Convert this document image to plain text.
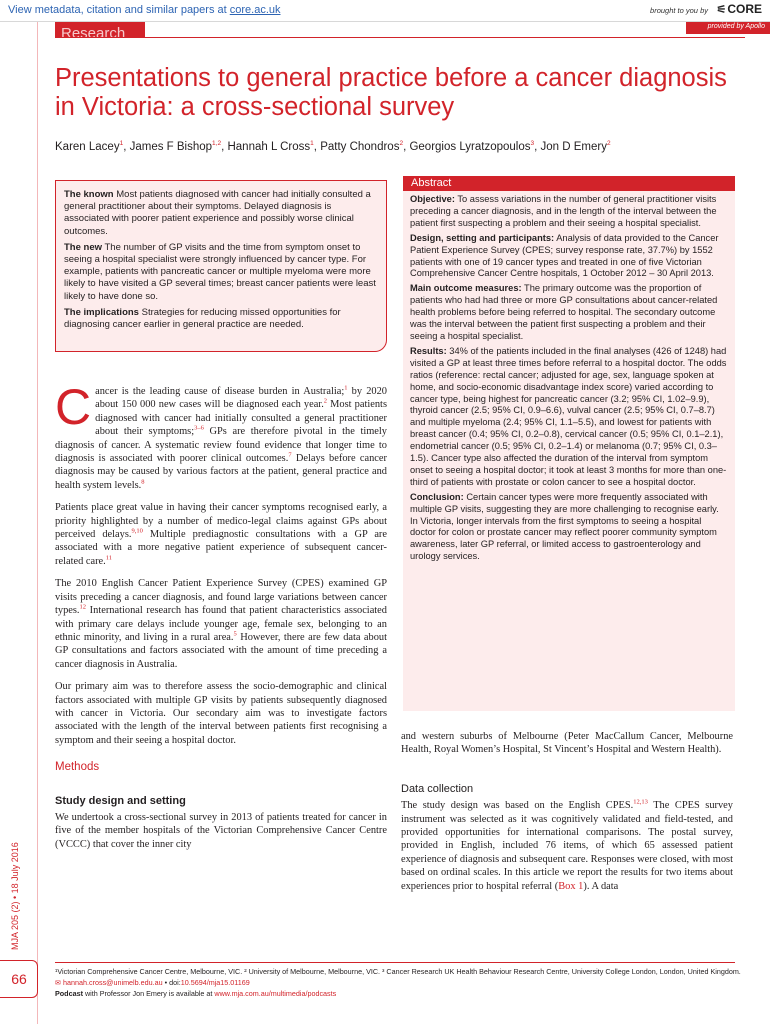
View metadata, citation and similar papers at core.ac.uk	brought to you by ⚟CORE
provided by Apollo
Research
Presentations to general practice before a cancer diagnosis in Victoria: a cross-sectional survey
Karen Lacey$^1$, James F Bishop$^{1,2}$, Hannah L Cross$^1$, Patty Chondros$^2$, Georgios Lyratzopoulos$^3$, Jon D Emery$^2$

The known Most patients diagnosed with cancer had initially consulted a general practitioner about their symptoms. Delayed diagnosis is associated with poorer patient experience and possibly worse clinical outcomes.

The new The number of GP visits and the time from symptom onset to seeing a hospital specialist were strongly influenced by cancer type. For example, patients with pancreatic cancer or multiple myeloma were more likely to have visited a GP several times; breast cancer patients were least likely to have done so.

The implications Strategies for reducing missed opportunities for diagnosing cancer earlier in general practice are needed.

Abstract

Objective: To assess variations in the number of general practitioner visits preceding a cancer diagnosis, and in the length of the interval between the patient first suspecting a problem and their seeing a hospital specialist.

Design, setting and participants: Analysis of data provided to the Cancer Patient Experience Survey (CPES; survey response rate, 37.7%) by 1552 patients with one of 19 cancer types and treated in one of five Victorian Comprehensive Cancer Centre hospitals, 1 October 2012 – 30 April 2013.

Main outcome measures: The primary outcome was the proportion of patients who had had three or more GP consultations about cancer-related health problems before being referred to hospital. The secondary outcome was the interval between the patient first suspecting a problem and their seeing a hospital specialist.

Results: 34% of the patients included in the final analyses (426 of 1248) had visited a GP at least three times before referral to a hospital doctor. The odds ratios (reference: rectal cancer; adjusted for age, sex, language spoken at home, and socio-economic disadvantage index score) varied according to cancer type, being highest for pancreatic cancer (3.2; 95% CI, 1.02–9.9), thyroid cancer (2.5; 95% CI, 0.9–6.6), vulval cancer (2.5; 95% CI, 0.7–8.7) and multiple myeloma (2.4; 95% CI, 1.1–5.5), and lowest for patients with breast cancer (0.4; 95% CI, 0.2–0.8), cervical cancer (0.5; 95% CI, 0.1–2.1), endometrial cancer (0.5; 95% CI, 0.2–1.4) or melanoma (0.7; 95% CI, 0.3–1.5). Cancer type also affected the duration of the interval from symptom onset to seeing a hospital doctor; it took at least 3 months for more than one-third of patients with prostate or colon cancer to see a hospital doctor.

Conclusion: Certain cancer types were more frequently associated with multiple GP visits, suggesting they are more challenging to recognise early. In Victoria, longer intervals from the first symptoms to seeing a hospital doctor for colon or prostate cancer may reflect poorer community symptom awareness, later GP referral, or limited access to gastroenterology and urology services.

Cancer is the leading cause of disease burden in Australia;$^1$ by 2020 about 150 000 new cases will be diagnosed each year.$^2$ Most patients diagnosed with cancer had initially consulted a general practitioner about their symptoms;$^{3-6}$ GPs are therefore pivotal in the timely diagnosis of cancer. A systematic review found evidence that longer time to diagnosis is associated with poorer clinical outcomes.$^7$ Delays before cancer diagnosis may be caused by various factors at the patient, general practice and health system levels.$^8$

Patients place great value in having their cancer symptoms recognised early, a priority highlighted by a number of medico-legal claims against GPs about perceived delays.$^{9,10}$ Multiple prediagnostic consultations with a GP are associated with a more negative patient experience of subsequent cancer-related care.$^{11}$

The 2010 English Cancer Patient Experience Survey (CPES) examined GP visits preceding a cancer diagnosis, and found large variations between cancer types.$^{12}$ International research has found that patient characteristics associated with primary care delays include younger age, female sex, belonging to an ethnic minority, and living in a rural area.$^5$ However, there are few data about GP consultations and factors associated with the amount of time preceding a cancer diagnosis in Australia.

Our primary aim was to therefore assess the socio-demographic and clinical factors associated with multiple GP visits by patients subsequently diagnosed with cancer in Victoria. Our secondary aim was to investigate factors associated with the length of the interval between patients first recognising a symptom and their seeing a hospital doctor.

Methods
Study design and setting

We undertook a cross-sectional survey in 2013 of patients treated for cancer in five of the member hospitals of the Victorian Comprehensive Cancer Centre (VCCC) that cover the inner city

and western suburbs of Melbourne (Peter MacCallum Cancer, Melbourne Health, Royal Women’s Hospital, St Vincent’s Hospital and Western Health).

Data collection

The study design was based on the English CPES.$^{12,13}$ The CPES survey instrument was selected as it was cognitively validated and field-tested, and provided opportunities for international comparisons. The postal survey, provided in English, included 76 items, of which 65 assessed patient experience of diagnosis and subsequent care. Responses were closed, with most based on ordinal scales. In this article we report the results for two items about experiences prior to hospital referral (Box 1). A data

MJA 205 (2) • 18 July 2016
66	¹Victorian Comprehensive Cancer Centre, Melbourne, VIC. ² University of Melbourne, Melbourne, VIC. ³ Cancer Research UK Health Behaviour Research Centre, University College London, London, United Kingdom.
✉ hannah.cross@unimelb.edu.au • doi:10.5694/mja15.01169
Podcast with Professor Jon Emery is available at www.mja.com.au/multimedia/podcasts
